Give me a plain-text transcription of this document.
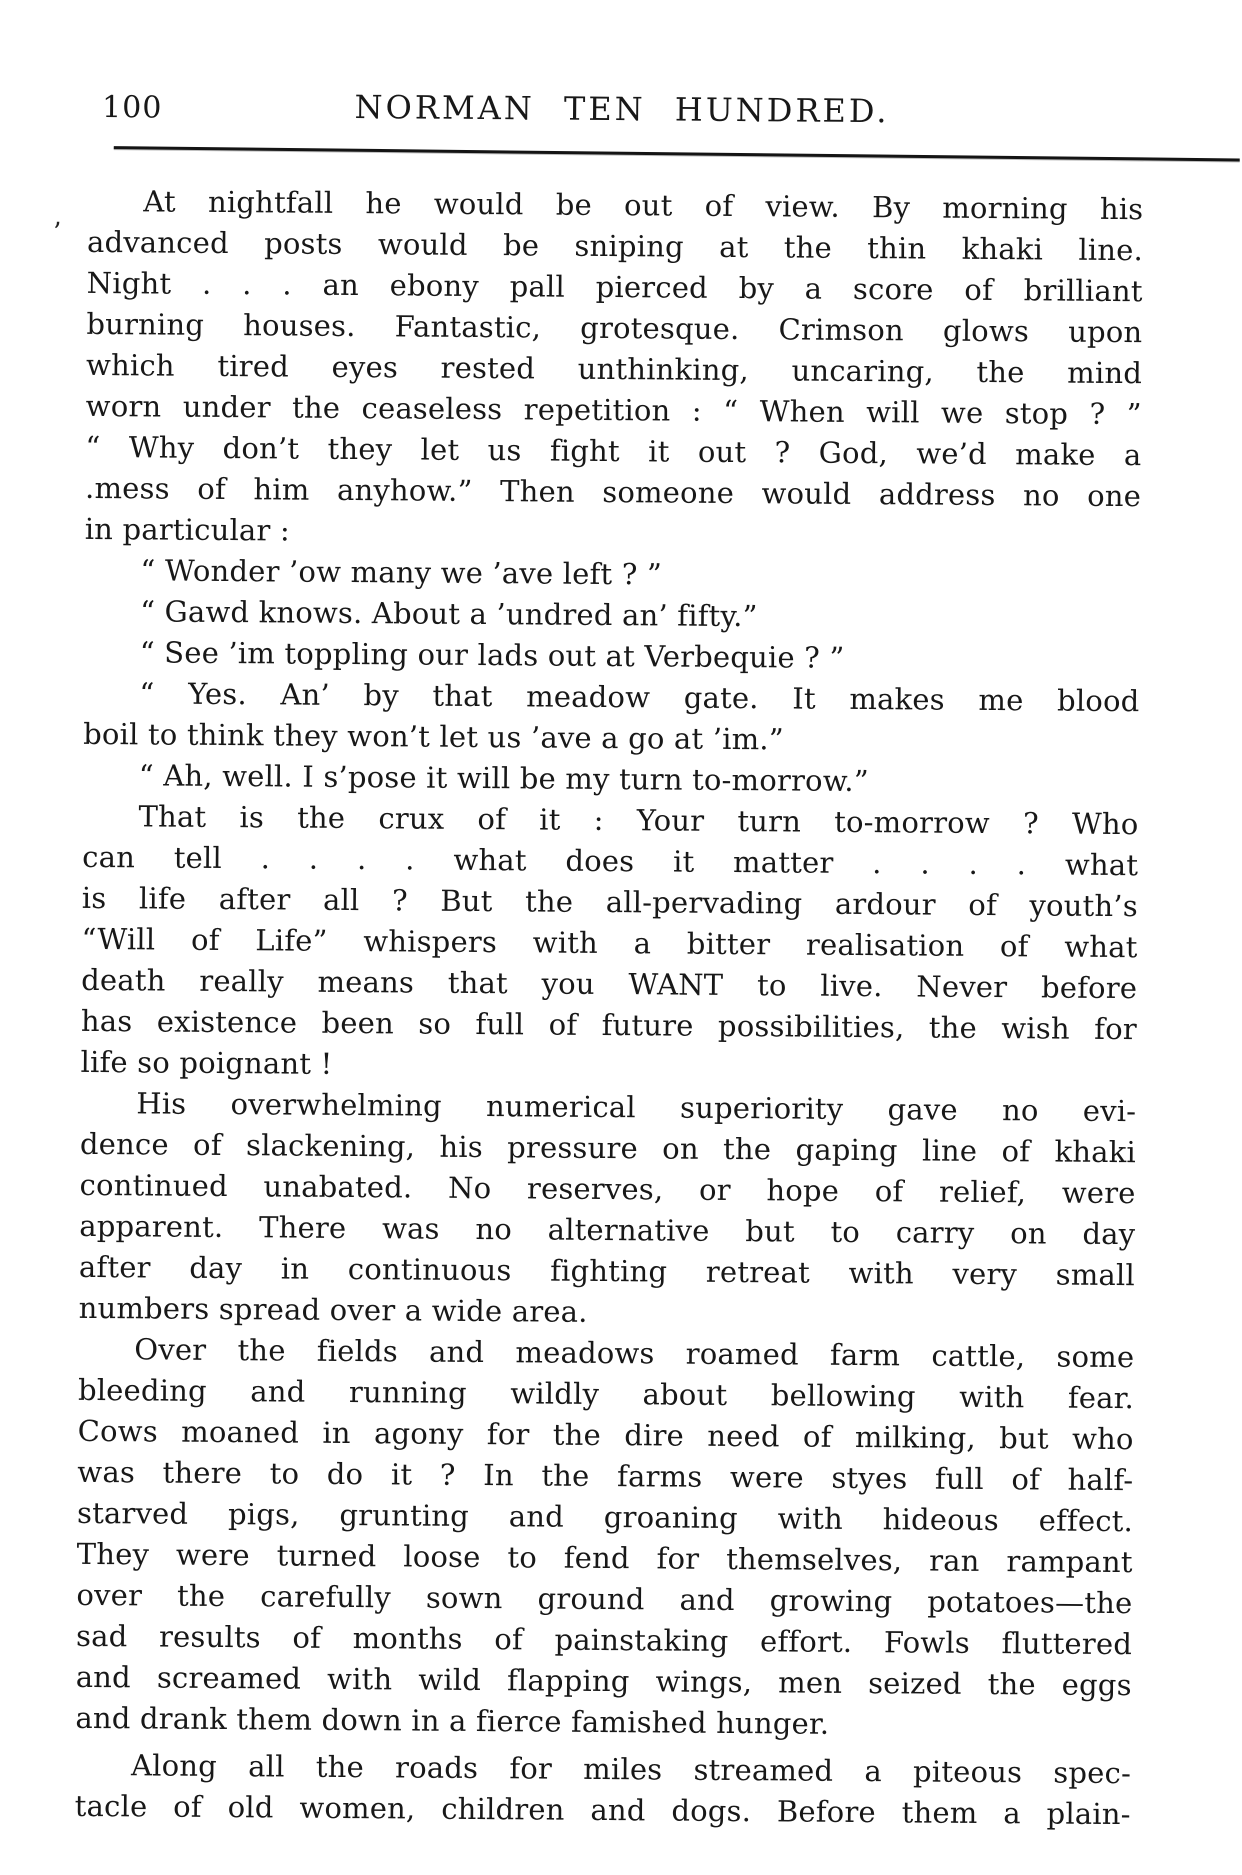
100	NORMAN TEN HUNDRED.
’
At nightfall he would be out of view. By morning his
advanced posts would be sniping at the thin khaki line.
Night . . . an ebony pall pierced by a score of brilliant
burning houses. Fantastic, grotesque. Crimson glows upon
which tired eyes rested unthinking, uncaring, the mind
worn under the ceaseless repetition : “ When will we stop ? ”
“ Why don’t they let us fight it out ? God, we’d make a
.mess of him anyhow.” Then someone would address no one
in particular :
“ Wonder ’ow many we ’ave left ? ”
“ Gawd knows. About a ’undred an’ fifty.”
“ See ’im toppling our lads out at Verbequie ? ”
“ Yes. An’ by that meadow gate. It makes me blood
boil to think they won’t let us ’ave a go at ’im.”
“ Ah, well. I s’pose it will be my turn to-morrow.”
That is the crux of it : Your turn to-morrow ? Who
can tell . . . . what does it matter . . . . what
is life after all ? But the all-pervading ardour of youth’s
“Will of Life” whispers with a bitter realisation of what
death really means that you WANT to live. Never before
has existence been so full of future possibilities, the wish for
life so poignant !
His overwhelming numerical superiority gave no evi-
dence of slackening, his pressure on the gaping line of khaki
continued unabated. No reserves, or hope of relief, were
apparent. There was no alternative but to carry on day
after day in continuous fighting retreat with very small
numbers spread over a wide area.
Over the fields and meadows roamed farm cattle, some
bleeding and running wildly about bellowing with fear.
Cows moaned in agony for the dire need of milking, but who
was there to do it ? In the farms were styes full of half-
starved pigs, grunting and groaning with hideous effect.
They were turned loose to fend for themselves, ran rampant
over the carefully sown ground and growing potatoes—the
sad results of months of painstaking effort. Fowls fluttered
and screamed with wild flapping wings, men seized the eggs
and drank them down in a fierce famished hunger.
Along all the roads for miles streamed a piteous spec-
tacle of old women, children and dogs. Before them a plain-
